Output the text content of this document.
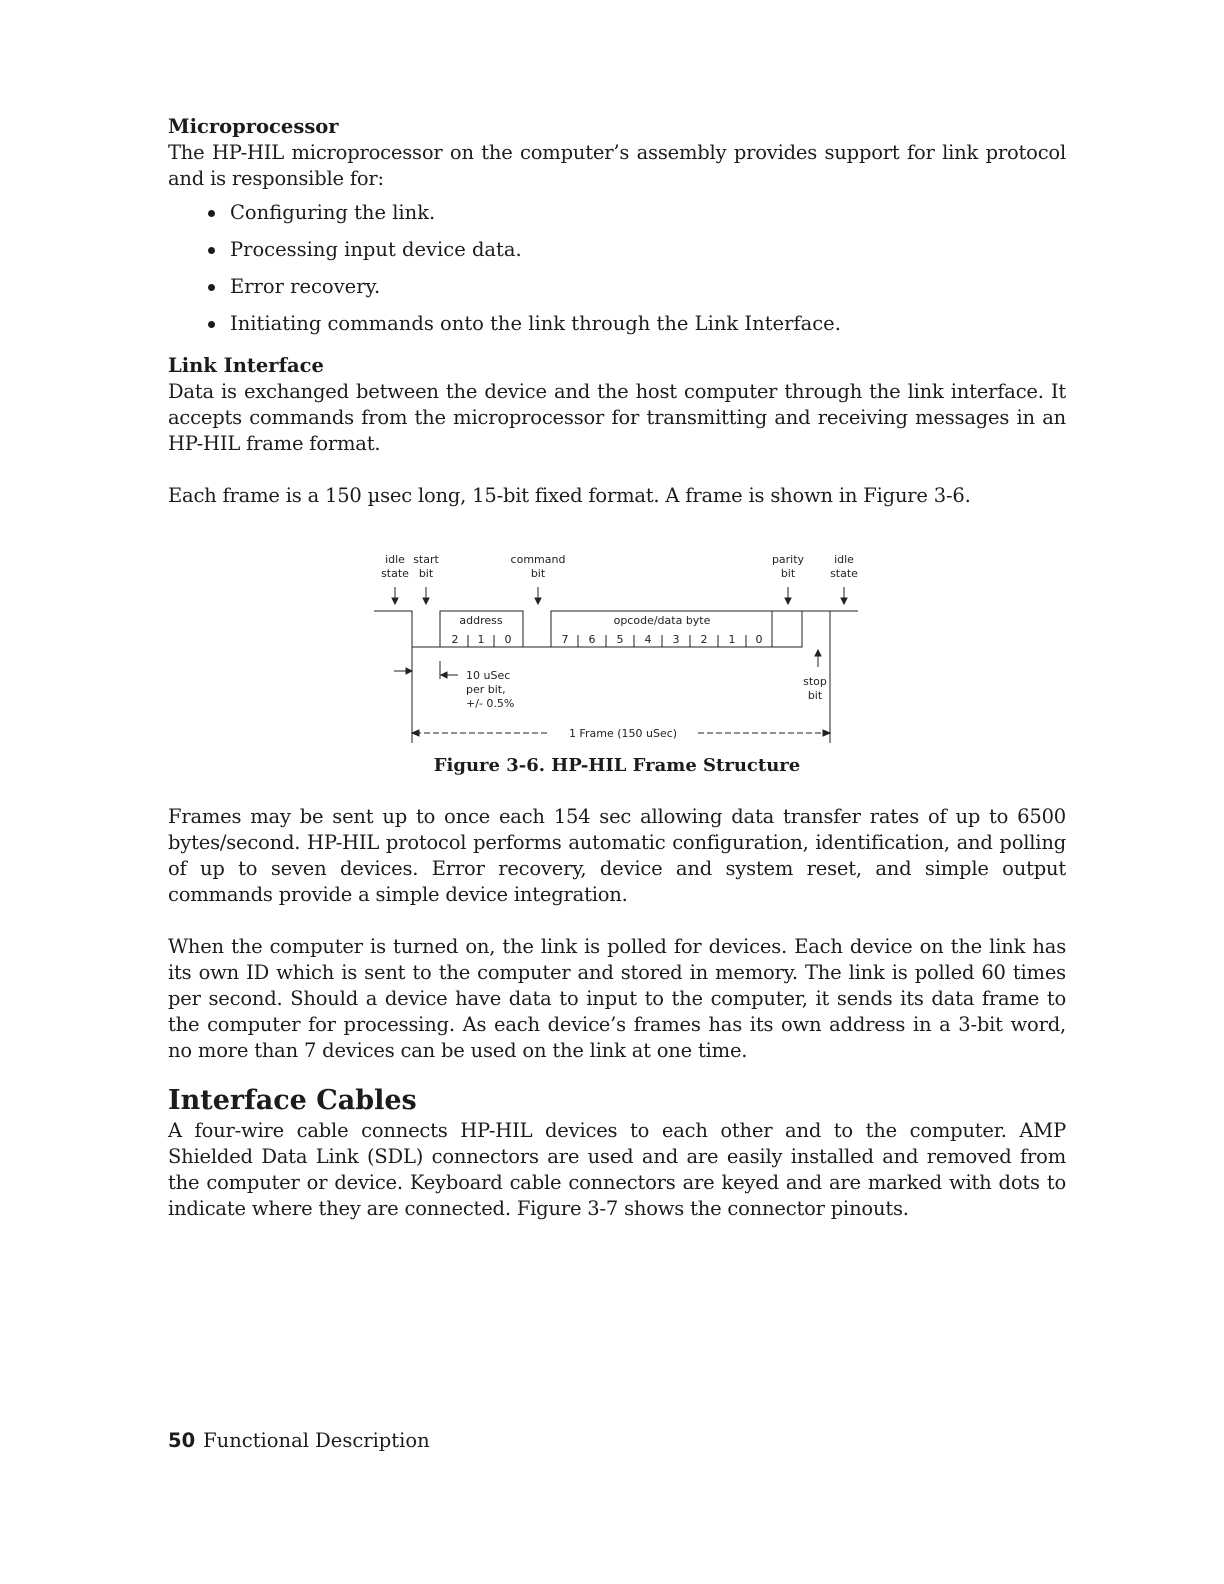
Microprocessor

The HP-HIL microprocessor on the computer’s assembly provides support for link protocol and is responsible for:

Configuring the link.
Processing input device data.
Error recovery.
Initiating commands onto the link through the Link Interface.
Link Interface

Data is exchanged between the device and the host computer through the link interface. It accepts commands from the microprocessor for transmitting and receiving messages in an HP-HIL frame format.

Each frame is a 150 µsec long, 15-bit fixed format. A frame is shown in Figure 3-6.

idle
state
start
bit
command
bit
parity
bit
idle
state
address	opcode/data byte
2 1 0	7 6 5 4 3 2 1 0
10 uSec
per bit,
+/- 0.5%
stop
bit
1 Frame (150 uSec)
Figure 3-6. HP-HIL Frame Structure

Frames may be sent up to once each 154 sec allowing data transfer rates of up to 6500 bytes/second. HP-HIL protocol performs automatic configuration, identification, and polling of up to seven devices. Error recovery, device and system reset, and simple output commands provide a simple device integration.

When the computer is turned on, the link is polled for devices. Each device on the link has its own ID which is sent to the computer and stored in memory. The link is polled 60 times per second. Should a device have data to input to the computer, it sends its data frame to the computer for processing. As each device’s frames has its own address in a 3-bit word, no more than 7 devices can be used on the link at one time.

Interface Cables

A four-wire cable connects HP-HIL devices to each other and to the computer. AMP Shielded Data Link (SDL) connectors are used and are easily installed and removed from the computer or device. Keyboard cable connectors are keyed and are marked with dots to indicate where they are connected. Figure 3-7 shows the connector pinouts.

50 Functional Description
